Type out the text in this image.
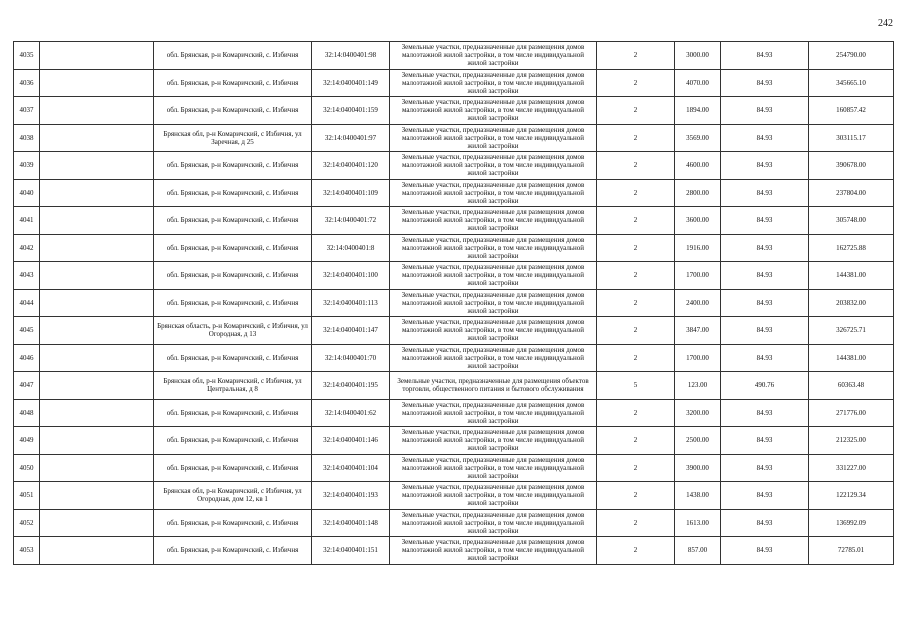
242
4035		обл. Брянская, р-н Комаричский, с. Избичня	32:14:0400401:98	Земельные участки, предназначенные для размещения домов малоэтажной жилой застройки, в том числе индивидуальной жилой застройки	2	3000.00	84.93	254790.00
4036		обл. Брянская, р-н Комаричский, с. Избичня	32:14:0400401:149	Земельные участки, предназначенные для размещения домов малоэтажной жилой застройки, в том числе индивидуальной жилой застройки	2	4070.00	84.93	345665.10
4037		обл. Брянская, р-н Комаричский, с. Избичня	32:14:0400401:159	Земельные участки, предназначенные для размещения домов малоэтажной жилой застройки, в том числе индивидуальной жилой застройки	2	1894.00	84.93	160857.42
4038		Брянская обл, р-н Комаричский, с Избичня, ул Заречная, д 25	32:14:0400401:97	Земельные участки, предназначенные для размещения домов малоэтажной жилой застройки, в том числе индивидуальной жилой застройки	2	3569.00	84.93	303115.17
4039		обл. Брянская, р-н Комаричский, с. Избичня	32:14:0400401:120	Земельные участки, предназначенные для размещения домов малоэтажной жилой застройки, в том числе индивидуальной жилой застройки	2	4600.00	84.93	390678.00
4040		обл. Брянская, р-н Комаричский, с. Избичня	32:14:0400401:109	Земельные участки, предназначенные для размещения домов малоэтажной жилой застройки, в том числе индивидуальной жилой застройки	2	2800.00	84.93	237804.00
4041		обл. Брянская, р-н Комаричский, с. Избичня	32:14:0400401:72	Земельные участки, предназначенные для размещения домов малоэтажной жилой застройки, в том числе индивидуальной жилой застройки	2	3600.00	84.93	305748.00
4042		обл. Брянская, р-н Комаричский, с. Избичня	32:14:0400401:8	Земельные участки, предназначенные для размещения домов малоэтажной жилой застройки, в том числе индивидуальной жилой застройки	2	1916.00	84.93	162725.88
4043		обл. Брянская, р-н Комаричский, с. Избичня	32:14:0400401:100	Земельные участки, предназначенные для размещения домов малоэтажной жилой застройки, в том числе индивидуальной жилой застройки	2	1700.00	84.93	144381.00
4044		обл. Брянская, р-н Комаричский, с. Избичня	32:14:0400401:113	Земельные участки, предназначенные для размещения домов малоэтажной жилой застройки, в том числе индивидуальной жилой застройки	2	2400.00	84.93	203832.00
4045		Брянская область, р-н Комаричский, с Избичня, ул Огородная, д 13	32:14:0400401:147	Земельные участки, предназначенные для размещения домов малоэтажной жилой застройки, в том числе индивидуальной жилой застройки	2	3847.00	84.93	326725.71
4046		обл. Брянская, р-н Комаричский, с. Избичня	32:14:0400401:70	Земельные участки, предназначенные для размещения домов малоэтажной жилой застройки, в том числе индивидуальной жилой застройки	2	1700.00	84.93	144381.00
4047		Брянская обл, р-н Комаричский, с Избичня, ул Центральная, д 8	32:14:0400401:195	Земельные участки, предназначенные для размещения объектов торговли, общественного питания и бытового обслуживания	5	123.00	490.76	60363.48
4048		обл. Брянская, р-н Комаричский, с. Избичня	32:14:0400401:62	Земельные участки, предназначенные для размещения домов малоэтажной жилой застройки, в том числе индивидуальной жилой застройки	2	3200.00	84.93	271776.00
4049		обл. Брянская, р-н Комаричский, с. Избичня	32:14:0400401:146	Земельные участки, предназначенные для размещения домов малоэтажной жилой застройки, в том числе индивидуальной жилой застройки	2	2500.00	84.93	212325.00
4050		обл. Брянская, р-н Комаричский, с. Избичня	32:14:0400401:104	Земельные участки, предназначенные для размещения домов малоэтажной жилой застройки, в том числе индивидуальной жилой застройки	2	3900.00	84.93	331227.00
4051		Брянская обл, р-н Комаричский, с Избичня, ул Огородная, дом 12, кв 1	32:14:0400401:193	Земельные участки, предназначенные для размещения домов малоэтажной жилой застройки, в том числе индивидуальной жилой застройки	2	1438.00	84.93	122129.34
4052		обл. Брянская, р-н Комаричский, с. Избичня	32:14:0400401:148	Земельные участки, предназначенные для размещения домов малоэтажной жилой застройки, в том числе индивидуальной жилой застройки	2	1613.00	84.93	136992.09
4053		обл. Брянская, р-н Комаричский, с. Избичня	32:14:0400401:151	Земельные участки, предназначенные для размещения домов малоэтажной жилой застройки, в том числе индивидуальной жилой застройки	2	857.00	84.93	72785.01
